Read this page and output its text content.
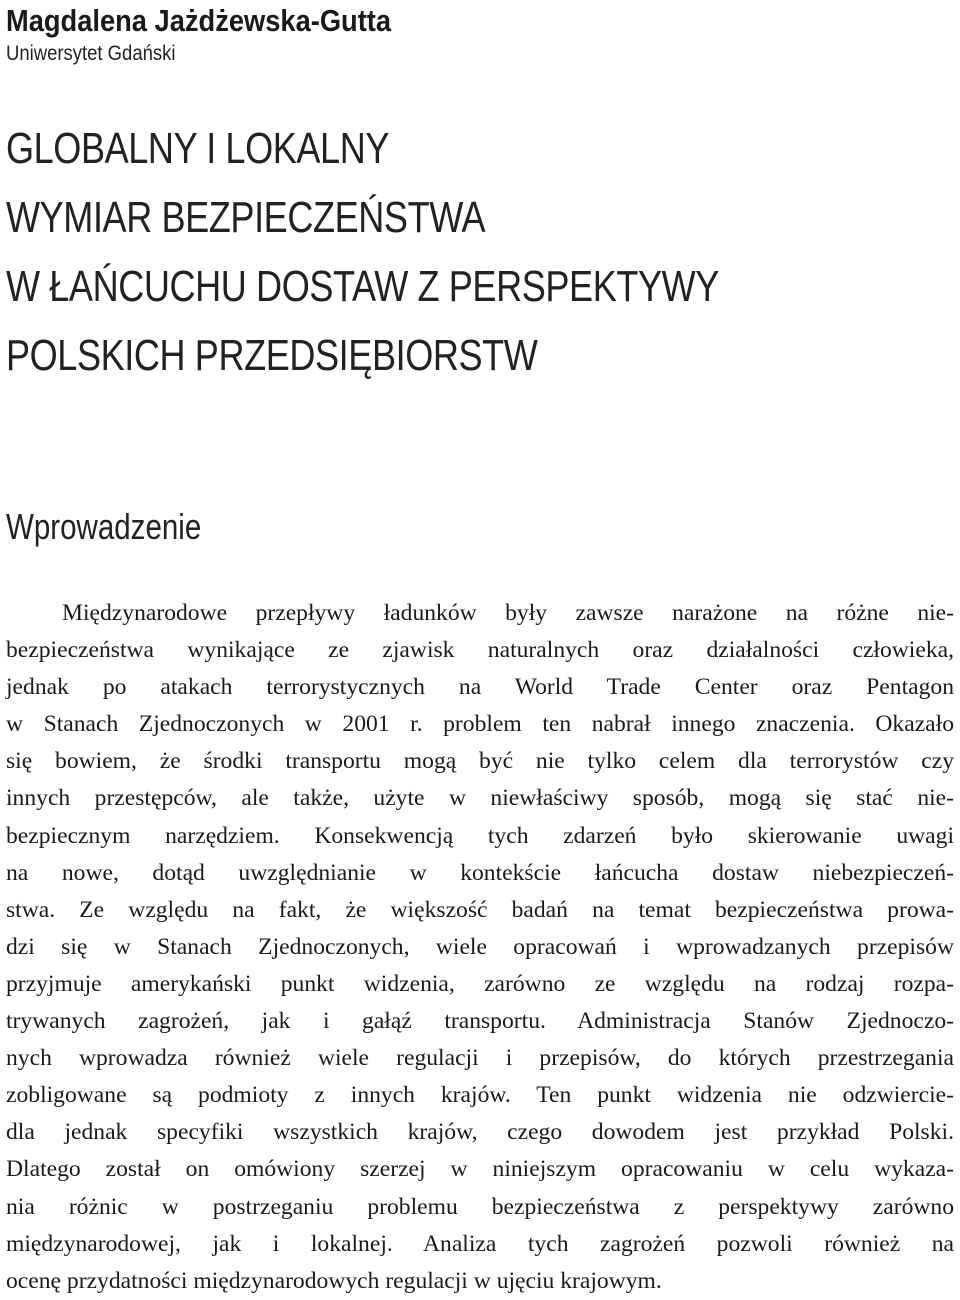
Magdalena Jażdżewska-Gutta
Uniwersytet Gdański
GLOBALNY I LOKALNY
WYMIAR BEZPIECZEŃSTWA
W ŁAŃCUCHU DOSTAW Z PERSPEKTYWY
POLSKICH PRZEDSIĘBIORSTW
Wprowadzenie
Międzynarodowe przepływy ładunków były zawsze narażone na różne nie-
bezpieczeństwa wynikające ze zjawisk naturalnych oraz działalności człowieka,
jednak po atakach terrorystycznych na World Trade Center oraz Pentagon
w Stanach Zjednoczonych w 2001 r. problem ten nabrał innego znaczenia. Okazało
się bowiem, że środki transportu mogą być nie tylko celem dla terrorystów czy
innych przestępców, ale także, użyte w niewłaściwy sposób, mogą się stać nie-
bezpiecznym narzędziem. Konsekwencją tych zdarzeń było skierowanie uwagi
na nowe, dotąd uwzględnianie w kontekście łańcucha dostaw niebezpieczeń-
stwa. Ze względu na fakt, że większość badań na temat bezpieczeństwa prowa-
dzi się w Stanach Zjednoczonych, wiele opracowań i wprowadzanych przepisów
przyjmuje amerykański punkt widzenia, zarówno ze względu na rodzaj rozpa-
trywanych zagrożeń, jak i gałąź transportu. Administracja Stanów Zjednoczo-
nych wprowadza również wiele regulacji i przepisów, do których przestrzegania
zobligowane są podmioty z innych krajów. Ten punkt widzenia nie odzwiercie-
dla jednak specyfiki wszystkich krajów, czego dowodem jest przykład Polski.
Dlatego został on omówiony szerzej w niniejszym opracowaniu w celu wykaza-
nia różnic w postrzeganiu problemu bezpieczeństwa z perspektywy zarówno
międzynarodowej, jak i lokalnej. Analiza tych zagrożeń pozwoli również na
ocenę przydatności międzynarodowych regulacji w ujęciu krajowym.
